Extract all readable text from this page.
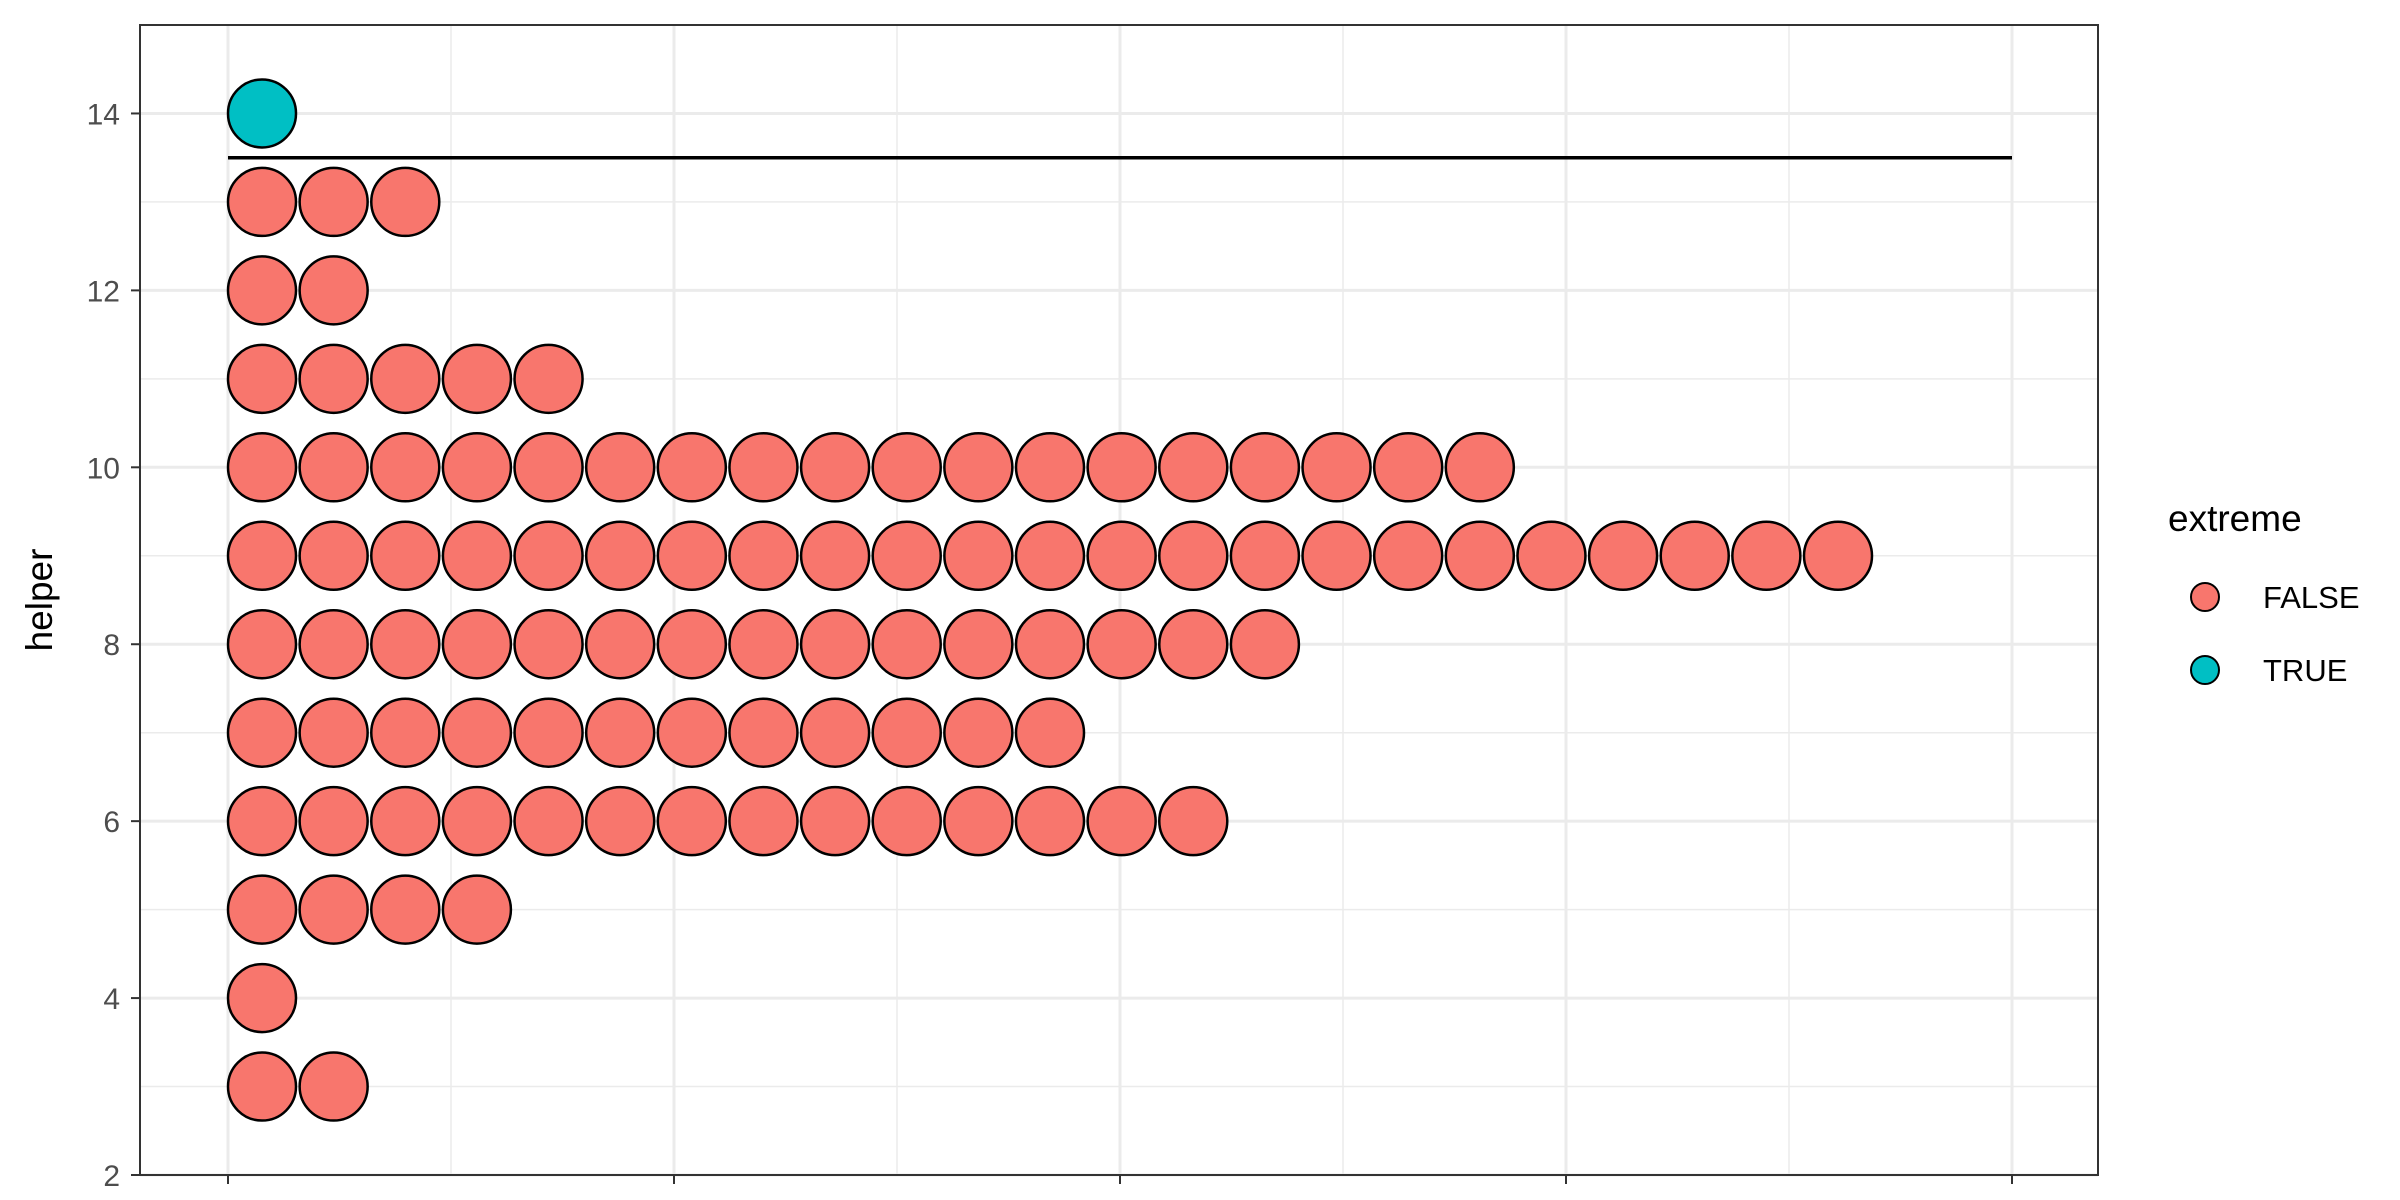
2
4
6
8
10
12
14
helper
extreme
FALSE
TRUE
